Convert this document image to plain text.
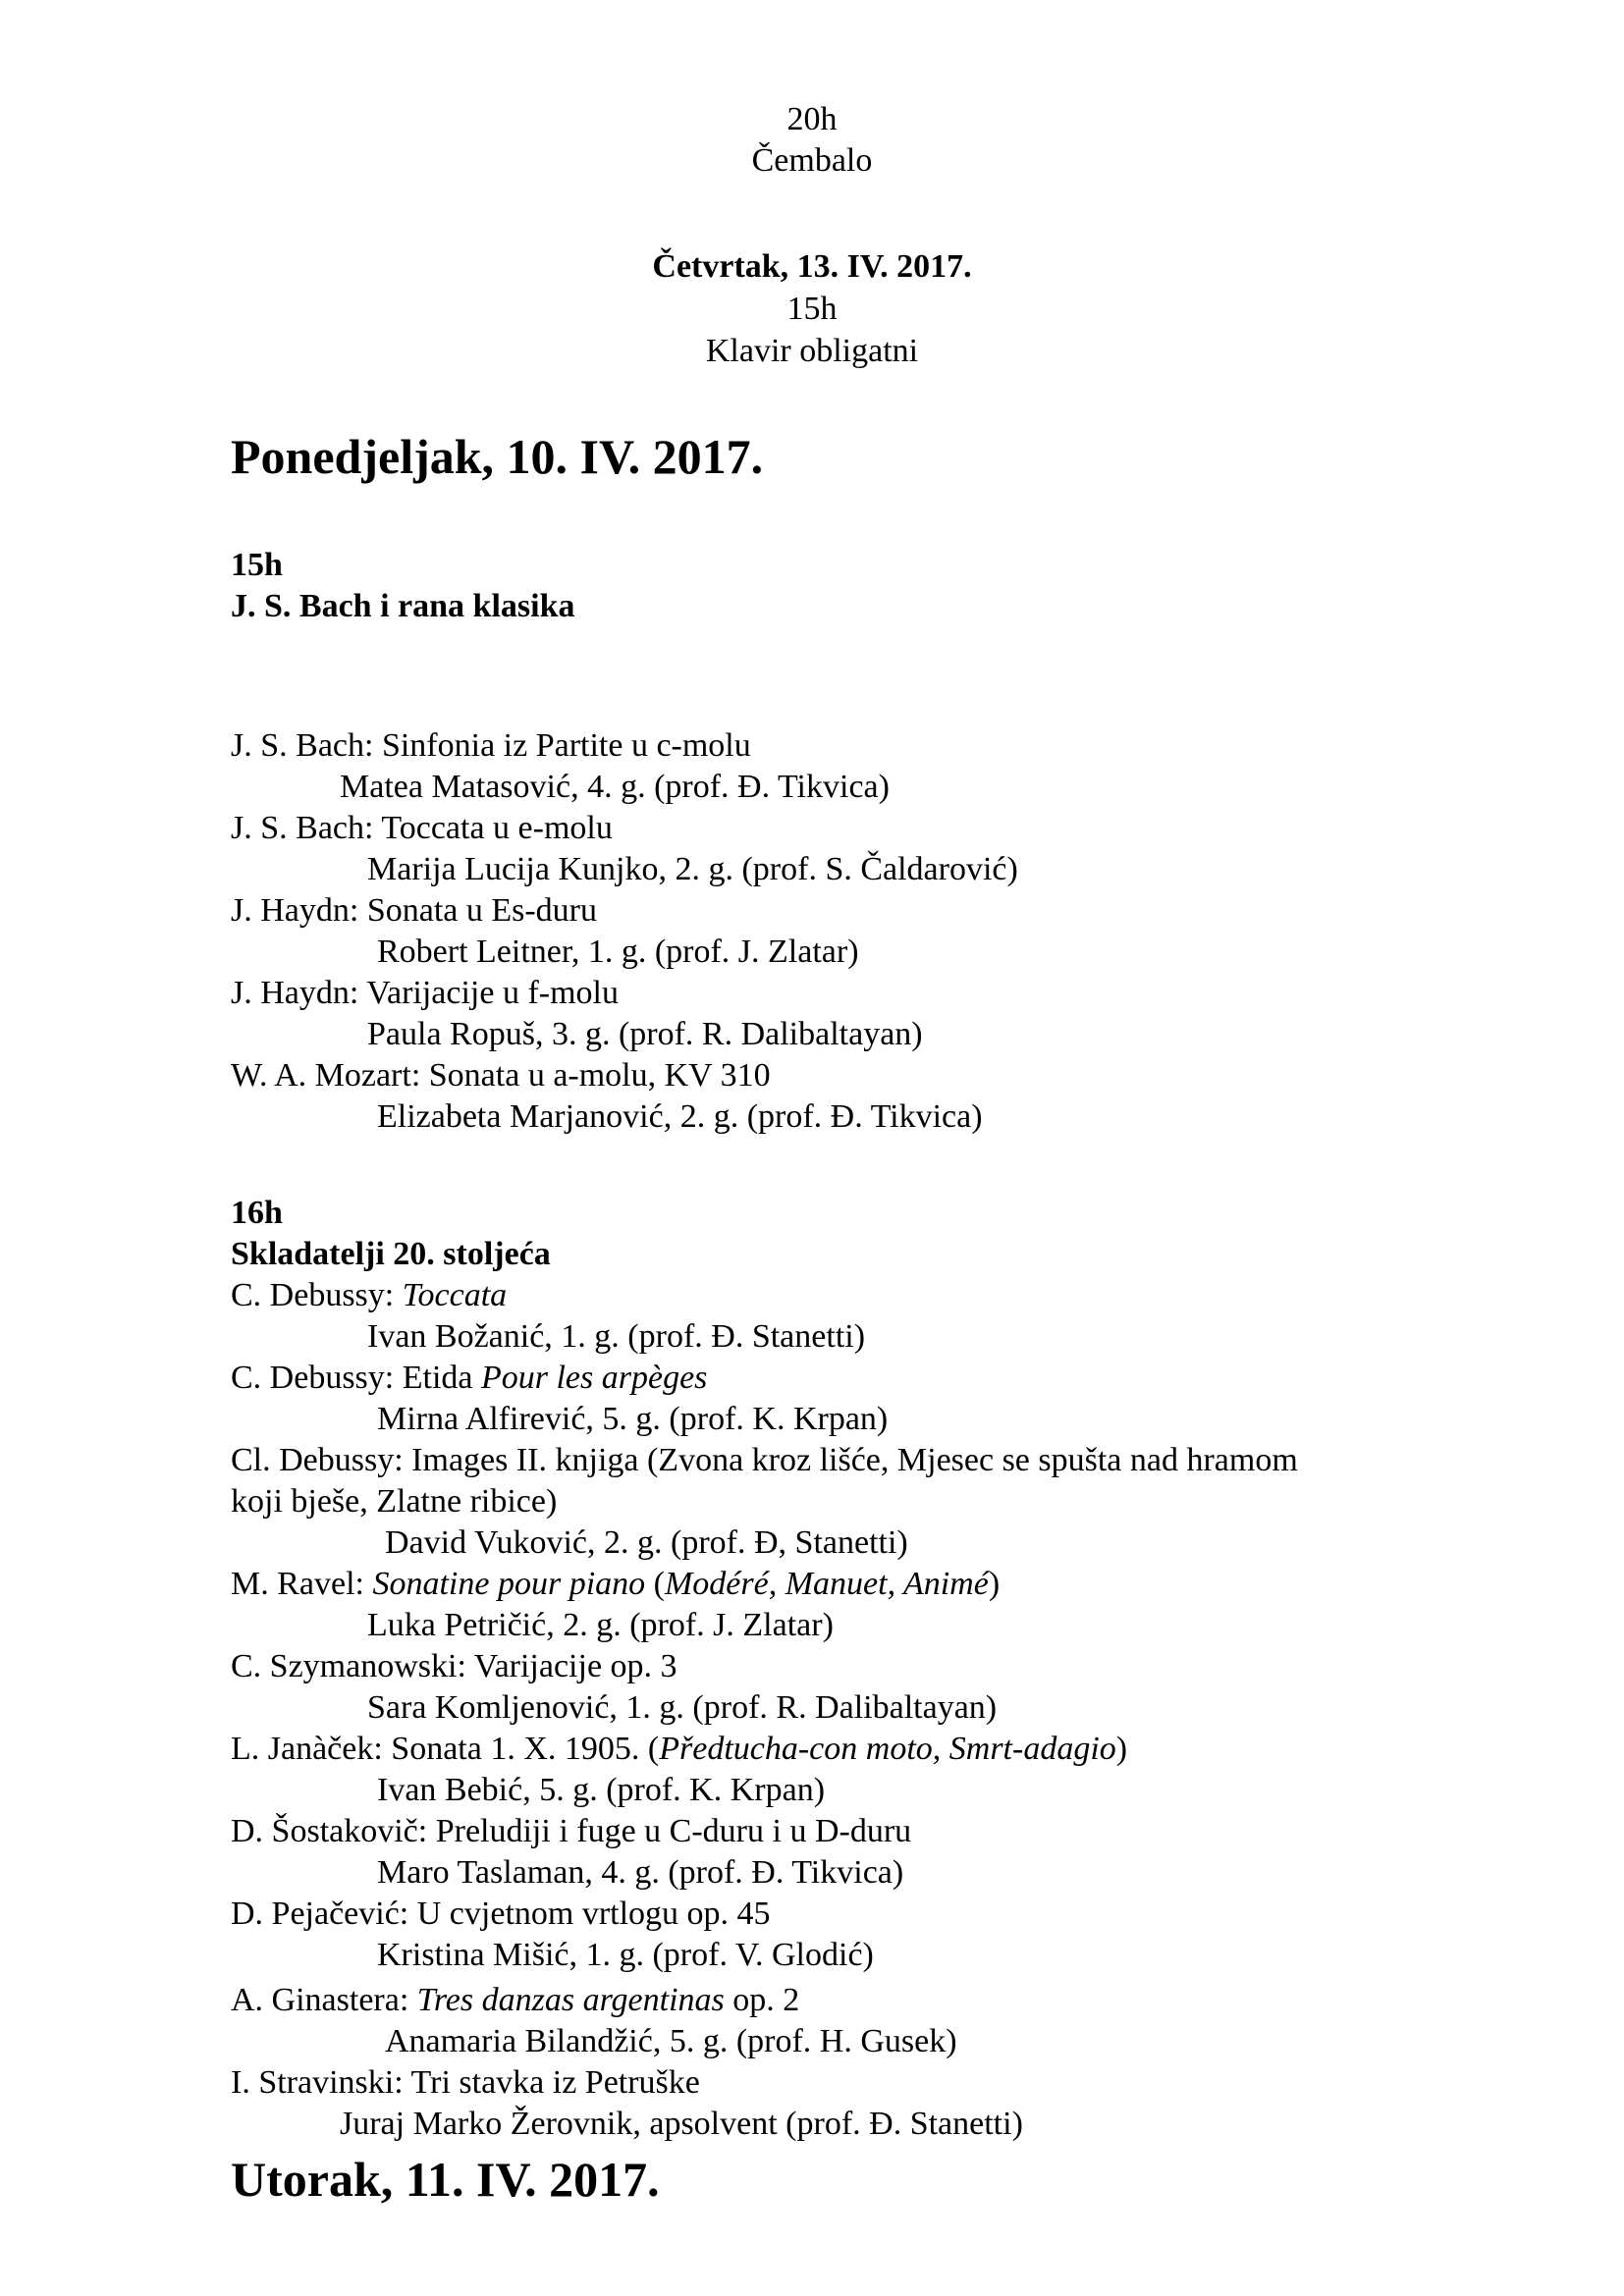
20h
Čembalo
Četvrtak, 13. IV. 2017.
15h
Klavir obligatni
Ponedjeljak, 10. IV. 2017.
15h
J. S. Bach i rana klasika
J. S. Bach: Sinfonia iz Partite u c-molu
Matea Matasović, 4. g. (prof. Đ. Tikvica)
J. S. Bach: Toccata u e-molu
Marija Lucija Kunjko, 2. g. (prof. S. Čaldarović)
J. Haydn: Sonata u Es-duru
Robert Leitner, 1. g. (prof. J. Zlatar)
J. Haydn: Varijacije u f-molu
Paula Ropuš, 3. g. (prof. R. Dalibaltayan)
W. A. Mozart: Sonata u a-molu, KV 310
Elizabeta Marjanović, 2. g. (prof. Đ. Tikvica)
16h
Skladatelji 20. stoljeća
C. Debussy: Toccata
Ivan Božanić, 1. g. (prof. Đ. Stanetti)
C. Debussy: Etida Pour les arpèges
Mirna Alfirević, 5. g. (prof. K. Krpan)
Cl. Debussy: Images II. knjiga (Zvona kroz lišće, Mjesec se spušta nad hramom
koji bješe, Zlatne ribice)
David Vuković, 2. g. (prof. Đ, Stanetti)
M. Ravel: Sonatine pour piano (Modéré, Manuet, Animé)
Luka Petričić, 2. g. (prof. J. Zlatar)
C. Szymanowski: Varijacije op. 3
Sara Komljenović, 1. g. (prof. R. Dalibaltayan)
L. Janàček: Sonata 1. X. 1905. (Předtucha-con moto, Smrt-adagio)
Ivan Bebić, 5. g. (prof. K. Krpan)
D. Šostakovič: Preludiji i fuge u C-duru i u D-duru
Maro Taslaman, 4. g. (prof. Đ. Tikvica)
D. Pejačević: U cvjetnom vrtlogu op. 45
Kristina Mišić, 1. g. (prof. V. Glodić)
A. Ginastera: Tres danzas argentinas op. 2
Anamaria Bilandžić, 5. g. (prof. H. Gusek)
I. Stravinski: Tri stavka iz Petruške
Juraj Marko Žerovnik, apsolvent (prof. Đ. Stanetti)
Utorak, 11. IV. 2017.
